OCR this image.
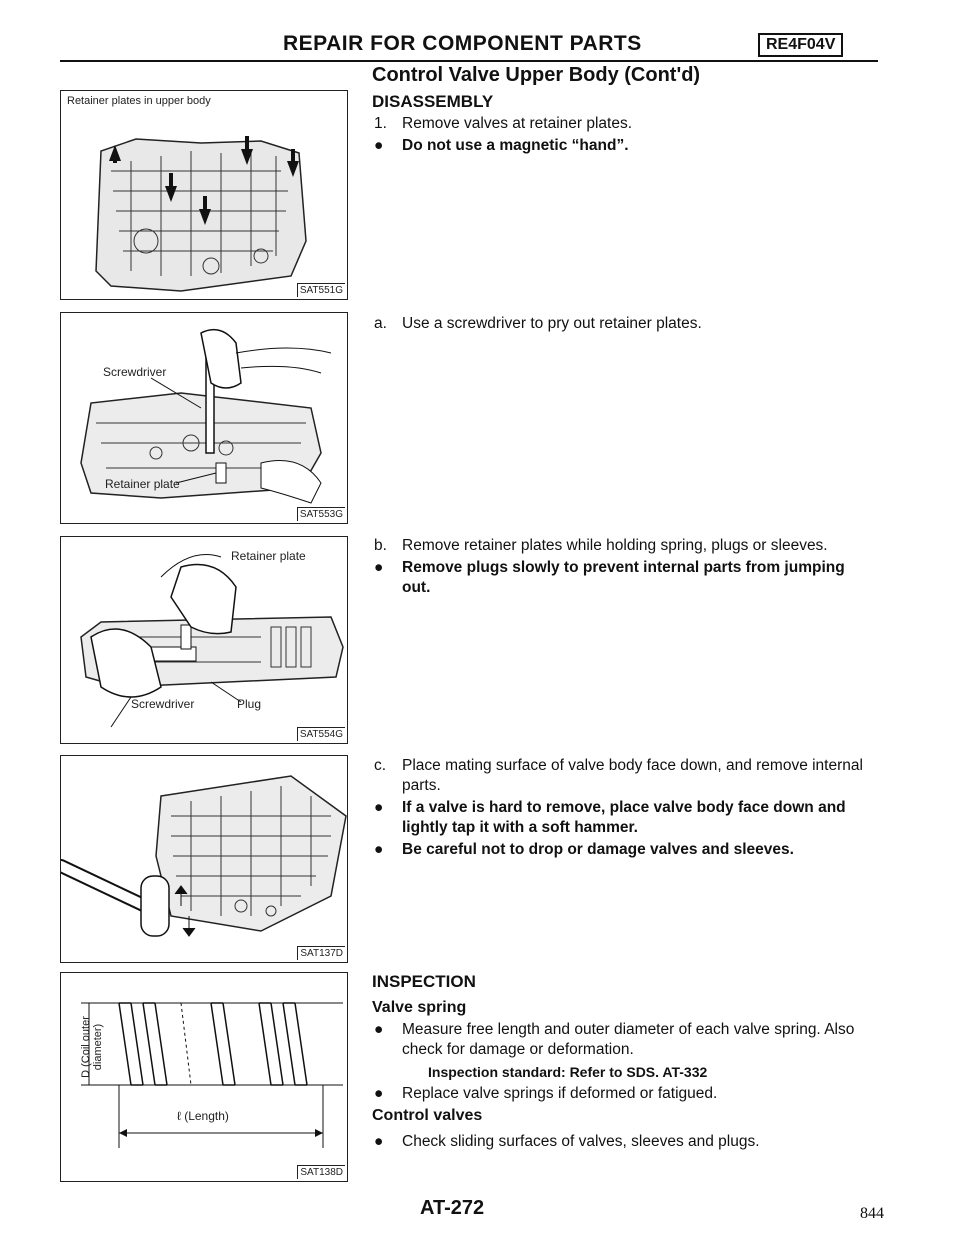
REPAIR FOR COMPONENT PARTS	RE4F04V
Control Valve Upper Body (Cont'd)
Retainer plates in upper body
SAT551G
Screwdriver
Retainer plate
SAT553G
Retainer plate
Screwdriver	Plug
SAT554G
SAT137D
D (Coil outer diameter)
ℓ (Length)
SAT138D
DISASSEMBLY
1. Remove valves at retainer plates.
● Do not use a magnetic “hand”.
a. Use a screwdriver to pry out retainer plates.
b. Remove retainer plates while holding spring, plugs or sleeves.
● Remove plugs slowly to prevent internal parts from jumping out.
c. Place mating surface of valve body face down, and remove internal parts.
● If a valve is hard to remove, place valve body face down and lightly tap it with a soft hammer.
● Be careful not to drop or damage valves and sleeves.
INSPECTION
Valve spring
● Measure free length and outer diameter of each valve spring. Also check for damage or deformation.
Inspection standard: Refer to SDS. AT-332
● Replace valve springs if deformed or fatigued.
Control valves
● Check sliding surfaces of valves, sleeves and plugs.
AT-272	844
